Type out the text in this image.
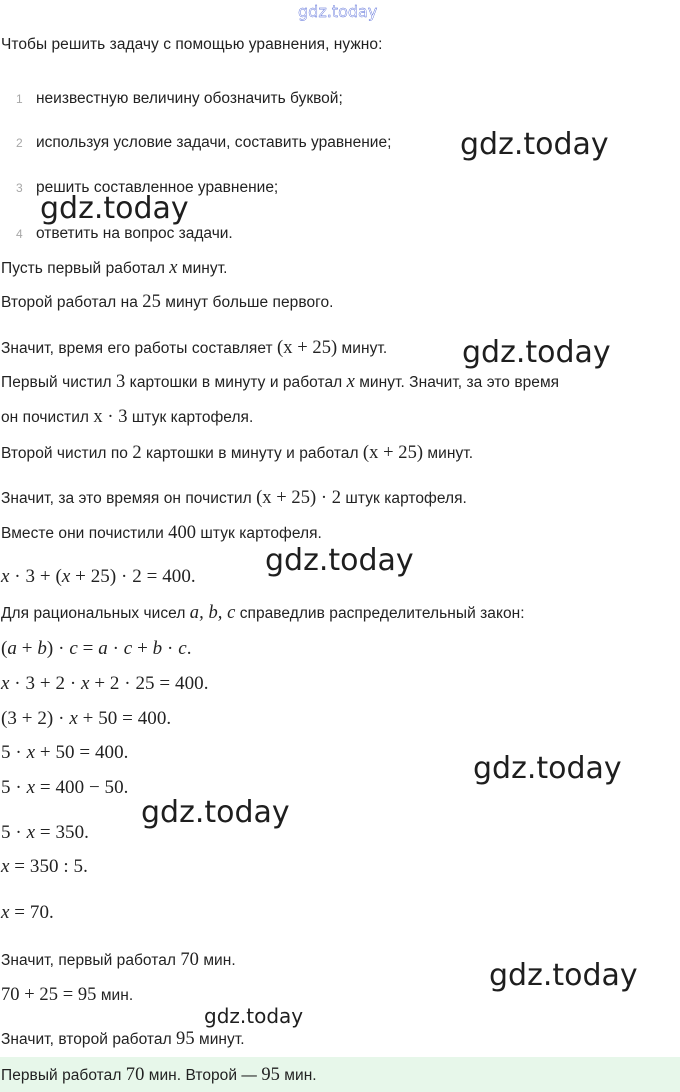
gdz.today
Чтобы решить задачу с помощью уравнения, нужно:
1 неизвестную величину обозначить буквой;
2 используя условие задачи, составить уравнение;
3 решить составленное уравнение;
4 ответить на вопрос задачи.
Пусть первый работал x минут.
Второй работал на 25 минут больше первого.
Значит, время его работы составляет (x + 25) минут.
Первый чистил 3 картошки в минуту и работал x минут. Значит, за это время
он почистил x · 3 штук картофеля.
Второй чистил по 2 картошки в минуту и работал (x + 25) минут.
Значит, за это времяя он почистил (x + 25) · 2 штук картофеля.
Вместе они почистили 400 штук картофеля.
x · 3 + (x + 25) · 2 = 400.
Для рациональных чисел a, b, c справедлив распределительный закон:
(a + b) · c = a · c + b · c.
x · 3 + 2 · x + 2 · 25 = 400.
(3 + 2) · x + 50 = 400.
5 · x + 50 = 400.
5 · x = 400 − 50.
5 · x = 350.
x = 350 : 5.
x = 70.
Значит, первый работал 70 мин.
70 + 25 = 95 мин.
Значит, второй работал 95 минут.
Первый работал 70 мин. Второй — 95 мин.
gdz.today
gdz.today
gdz.today
gdz.today
gdz.today
gdz.today
gdz.today
gdz.today
